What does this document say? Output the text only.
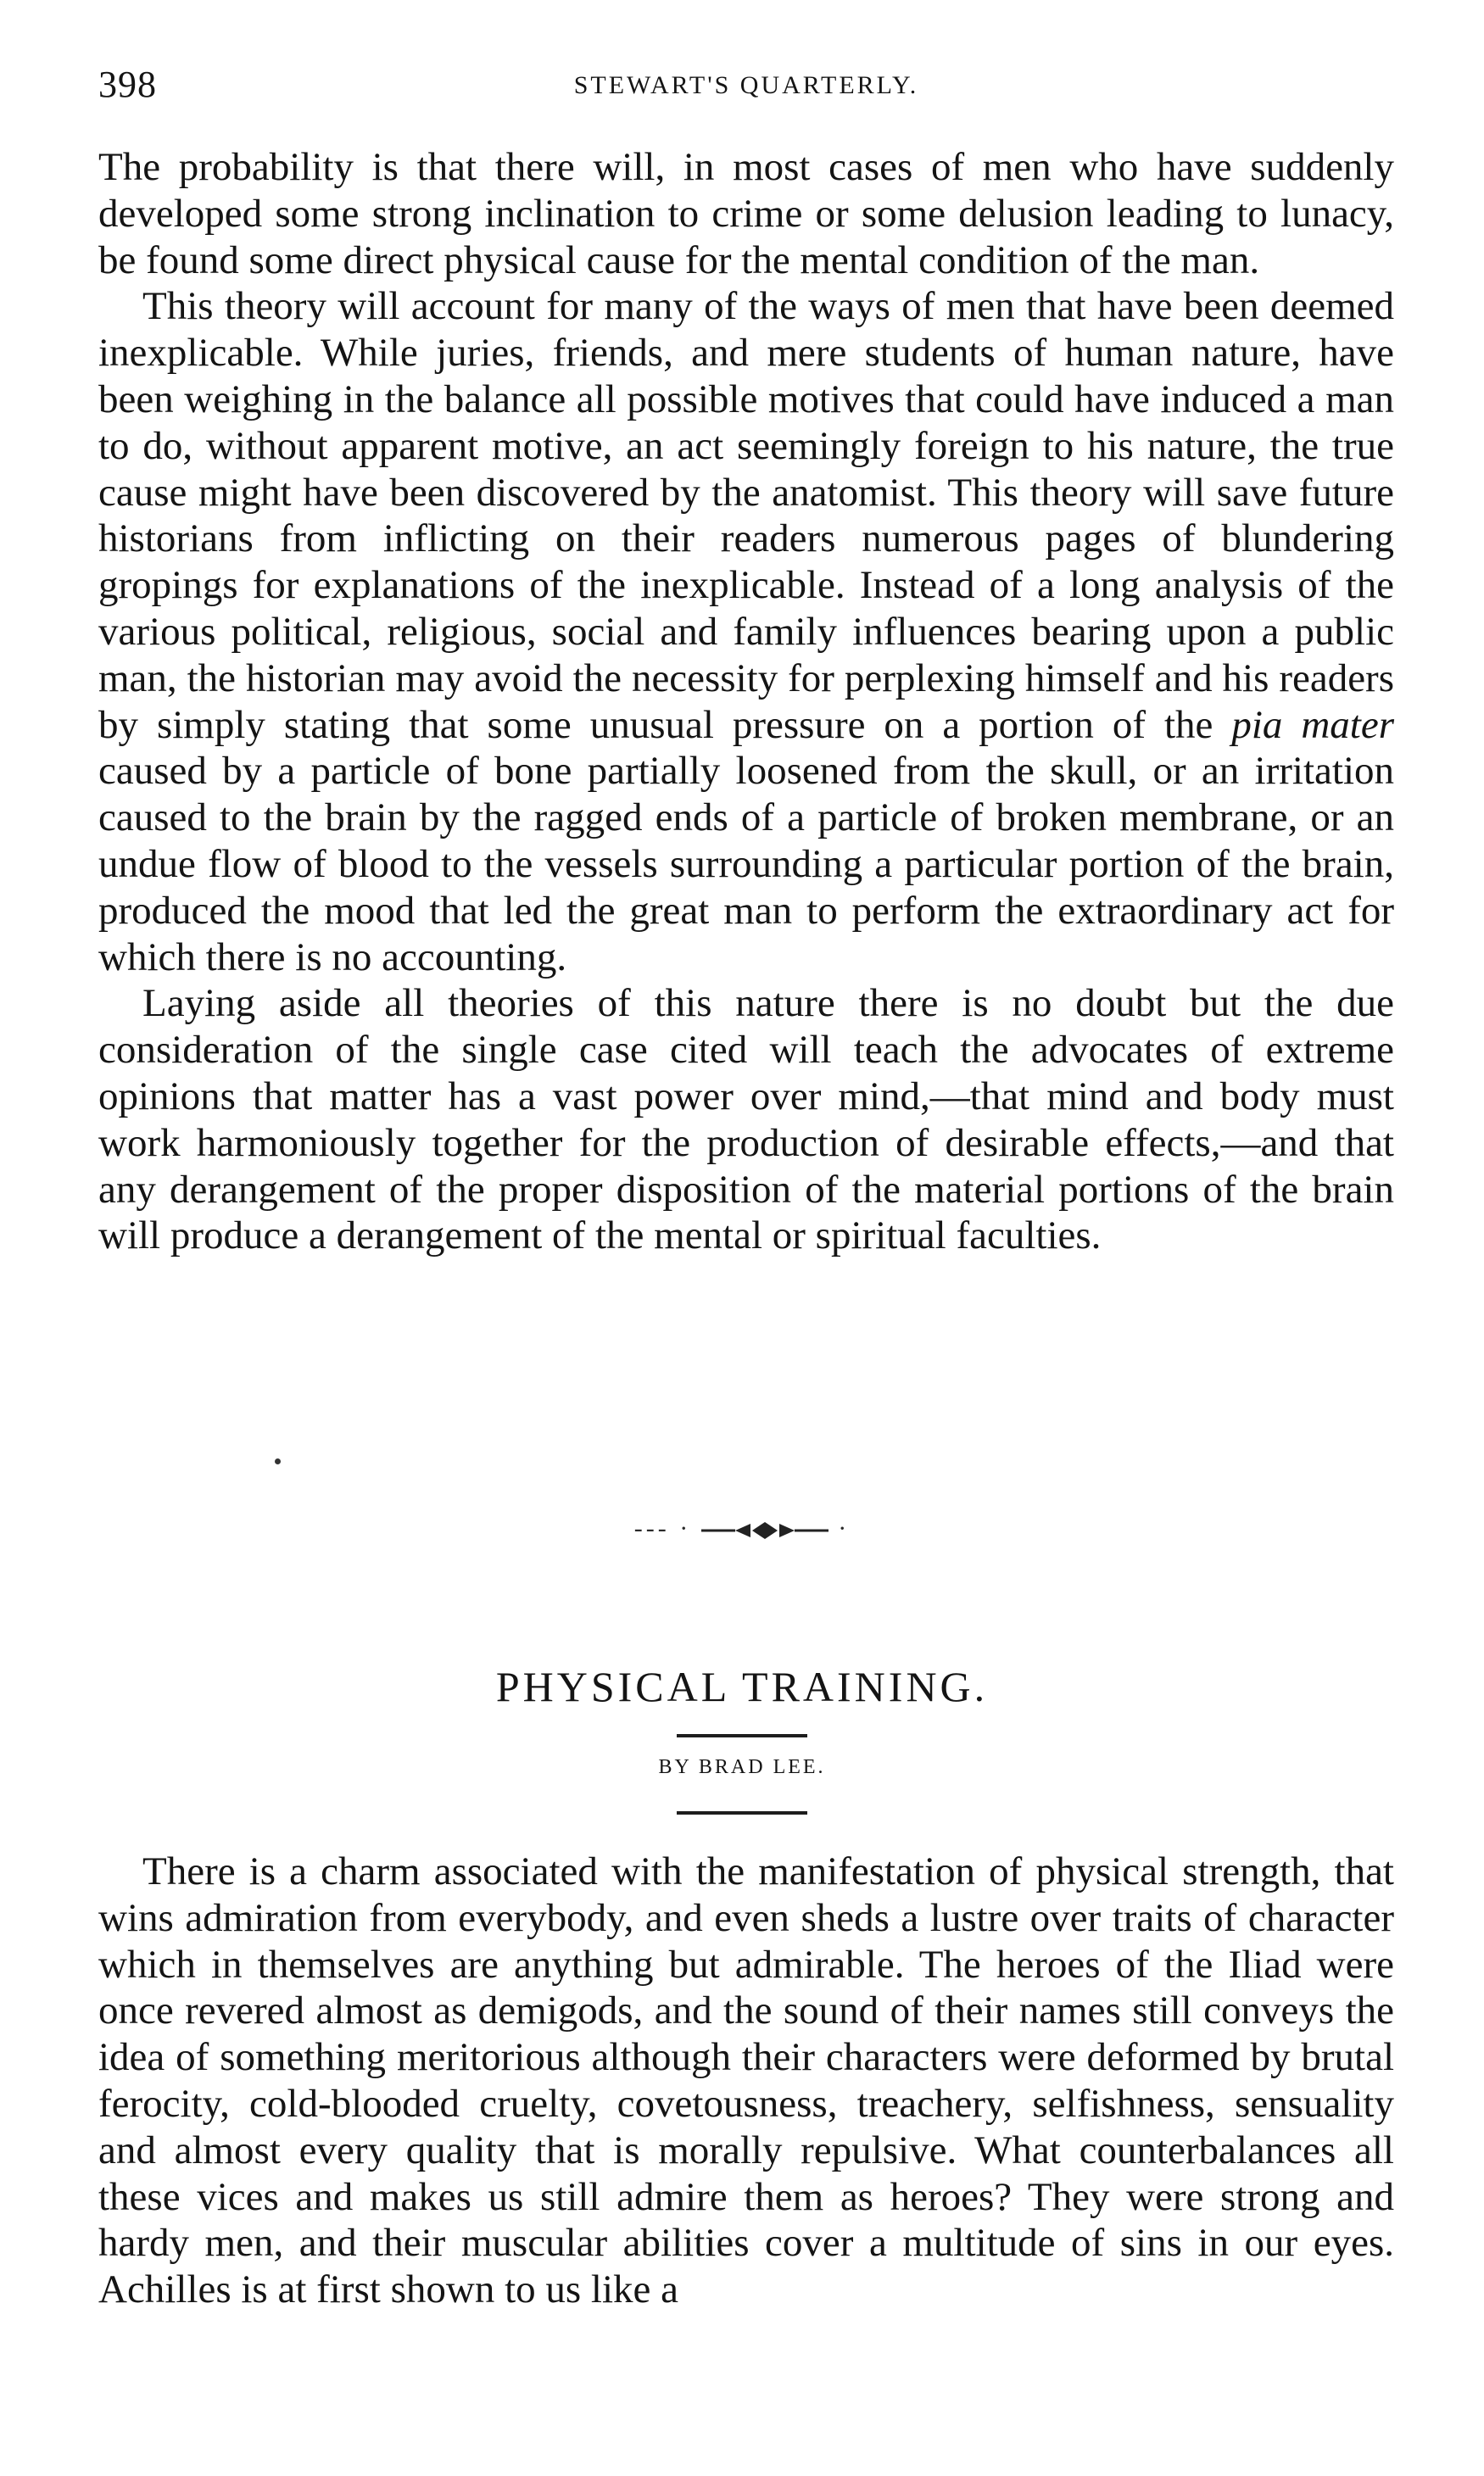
398	STEWART'S QUARTERLY.

The probability is that there will, in most cases of men who have suddenly developed some strong inclination to crime or some delusion leading to lunacy, be found some direct physical cause for the mental condition of the man.

This theory will account for many of the ways of men that have been deemed inexplicable. While juries, friends, and mere students of human nature, have been weighing in the balance all possible motives that could have induced a man to do, without apparent motive, an act seemingly foreign to his nature, the true cause might have been discovered by the anatomist. This theory will save future historians from inflicting on their readers numerous pages of blundering gropings for explanations of the inexplicable. Instead of a long analysis of the various political, religious, social and family influences bearing upon a public man, the historian may avoid the necessity for perplexing himself and his readers by simply stating that some unusual pressure on a portion of the pia mater caused by a particle of bone partially loosened from the skull, or an irritation caused to the brain by the ragged ends of a particle of broken membrane, or an undue flow of blood to the vessels surrounding a particular portion of the brain, produced the mood that led the great man to perform the extraordinary act for which there is no accounting.

Laying aside all theories of this nature there is no doubt but the due consideration of the single case cited will teach the advocates of extreme opinions that matter has a vast power over mind,—that mind and body must work harmoniously together for the production of desirable effects,—and that any derangement of the proper disposition of the material portions of the brain will produce a derangement of the mental or spiritual faculties.

--- ·	·
PHYSICAL TRAINING.
BY BRAD LEE.

There is a charm associated with the manifestation of physical strength, that wins admiration from everybody, and even sheds a lustre over traits of character which in themselves are anything but admirable. The heroes of the Iliad were once revered almost as demigods, and the sound of their names still conveys the idea of something meritorious although their characters were deformed by brutal ferocity, cold-blooded cruelty, covetousness, treachery, selfishness, sensuality and almost every quality that is morally repulsive. What counterbalances all these vices and makes us still admire them as heroes? They were strong and hardy men, and their muscular abilities cover a multitude of sins in our eyes. Achilles is at first shown to us like a
